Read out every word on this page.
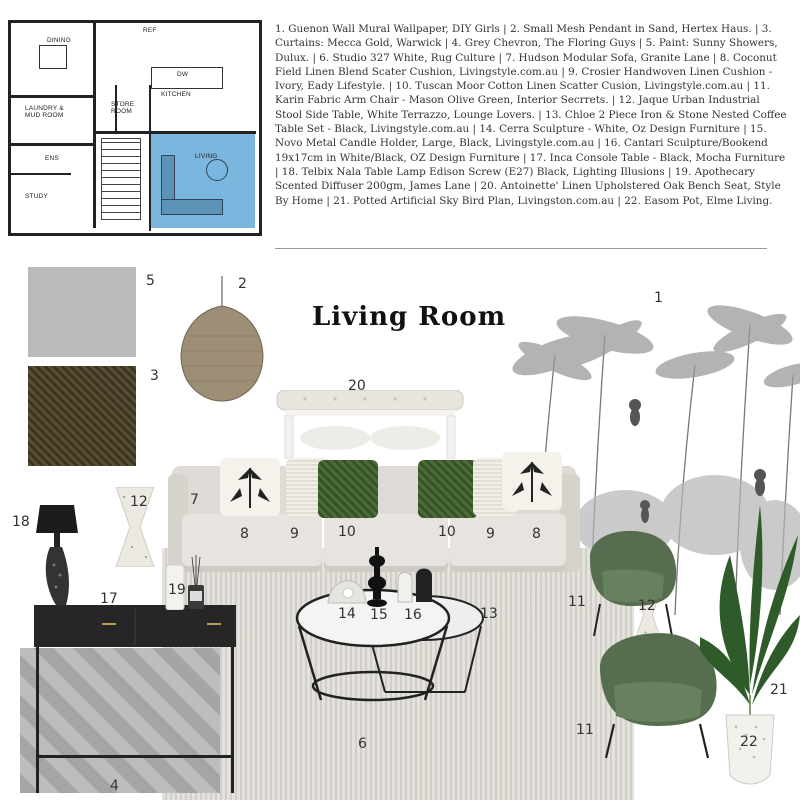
DINING
REF
DW
KITCHEN
LAUNDRY &
MUD ROOM
STORE
ROOM
LIVING
ENS
STUDY
1. Guenon Wall Mural Wallpaper, DIY Girls | 2. Small Mesh Pendant in Sand, Hertex Haus. | 3. Curtains: Mecca Gold, Warwick | 4. Grey Chevron, The Floring Guys | 5. Paint: Sunny Showers, Dulux. | 6. Studio 327 White, Rug Culture | 7. Hudson Modular Sofa, Granite Lane | 8. Coconut Field Linen Blend Scater Cushion, Livingstyle.com.au | 9. Crosier Handwoven Linen Cushion - Ivory, Eady Lifestyle. | 10. Tuscan Moor Cotton Linen Scatter Cusion, Livingstyle.com.au | 11. Karin Fabric Arm Chair - Mason Olive Green, Interior Secrrets. | 12. Jaque Urban Industrial Stool Side Table, White Terrazzo, Lounge Lovers. | 13. Chloe 2 Piece Iron & Stone Nested Coffee Table Set - Black, Livingstyle.com.au | 14. Cerra Sculpture - White, Oz Design Furniture | 15. Novo Metal Candle Holder, Large, Black, Livingstyle.com.au | 16. Cantari Sculpture/Bookend 19x17cm in White/Black, OZ Design Furniture | 17. Inca Console Table - Black, Mocha Furniture | 18. Telbix Nala Table Lamp Edison Screw (E27) Black, Lighting Illusions | 19. Apothecary Scented Diffuser 200gm, James Lane | 20. Antoinette' Linen Upholstered Oak Bench Seat, Style By Home | 21. Potted Artificial Sky Bird Plan, Livingston.com.au | 22. Easom Pot, Elme Living.
Living Room
1
2
3
4
5
6
7
8	8
9	9
10	10
11
11
12
12
13
14 15 16
17
18
19
20
21
22
